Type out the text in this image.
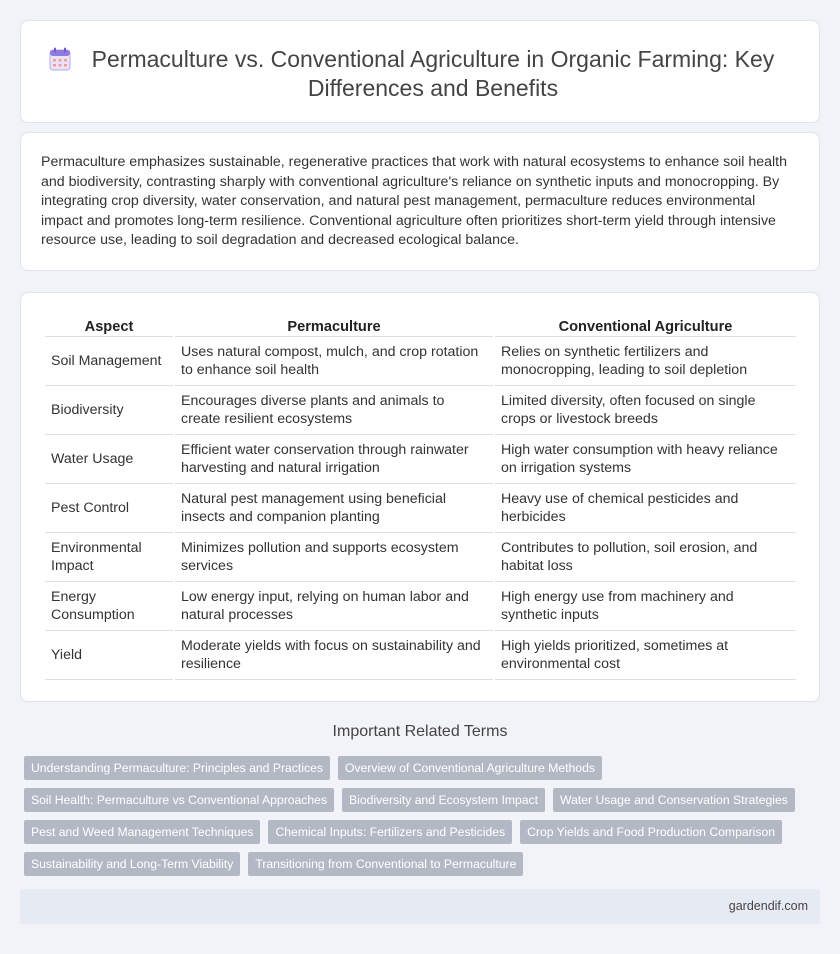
Permaculture vs. Conventional Agriculture in Organic Farming: Key Differences and Benefits

Permaculture emphasizes sustainable, regenerative practices that work with natural ecosystems to enhance soil health and biodiversity, contrasting sharply with conventional agriculture's reliance on synthetic inputs and monocropping. By integrating crop diversity, water conservation, and natural pest management, permaculture reduces environmental impact and promotes long-term resilience. Conventional agriculture often prioritizes short-term yield through intensive resource use, leading to soil degradation and decreased ecological balance.

Aspect	Permaculture	Conventional Agriculture
Soil Management	Uses natural compost, mulch, and crop rotation to enhance soil health	Relies on synthetic fertilizers and monocropping, leading to soil depletion
Biodiversity	Encourages diverse plants and animals to create resilient ecosystems	Limited diversity, often focused on single crops or livestock breeds
Water Usage	Efficient water conservation through rainwater harvesting and natural irrigation	High water consumption with heavy reliance on irrigation systems
Pest Control	Natural pest management using beneficial insects and companion planting	Heavy use of chemical pesticides and herbicides
Environmental Impact	Minimizes pollution and supports ecosystem services	Contributes to pollution, soil erosion, and habitat loss
Energy Consumption	Low energy input, relying on human labor and natural processes	High energy use from machinery and synthetic inputs
Yield	Moderate yields with focus on sustainability and resilience	High yields prioritized, sometimes at environmental cost
Important Related Terms
Understanding Permaculture: Principles and Practices	Overview of Conventional Agriculture Methods
Soil Health: Permaculture vs Conventional Approaches	Biodiversity and Ecosystem Impact	Water Usage and Conservation Strategies
Pest and Weed Management Techniques	Chemical Inputs: Fertilizers and Pesticides	Crop Yields and Food Production Comparison
Sustainability and Long-Term Viability	Transitioning from Conventional to Permaculture
gardendif.com
